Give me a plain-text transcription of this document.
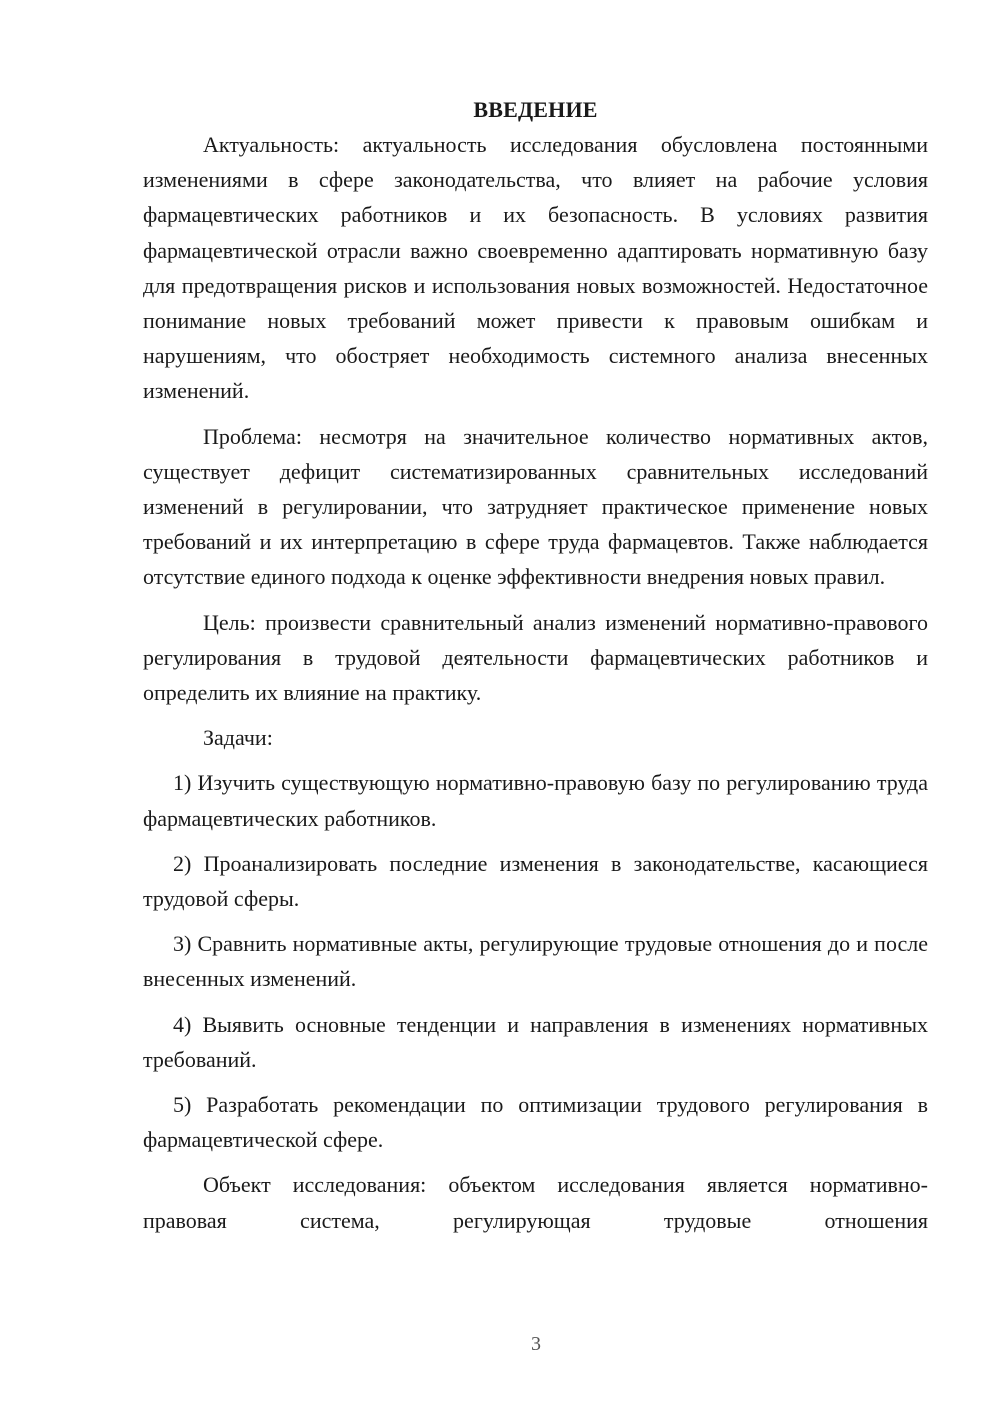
ВВЕДЕНИЕ

Актуальность: актуальность исследования обусловлена постоянными изменениями в сфере законодательства, что влияет на рабочие условия фармацевтических работников и их безопасность. В условиях развития фармацевтической отрасли важно своевременно адаптировать нормативную базу для предотвращения рисков и использования новых возможностей. Недостаточное понимание новых требований может привести к правовым ошибкам и нарушениям, что обостряет необходимость системного анализа внесенных изменений.

Проблема: несмотря на значительное количество нормативных актов, существует дефицит систематизированных сравнительных исследований изменений в регулировании, что затрудняет практическое применение новых требований и их интерпретацию в сфере труда фармацевтов. Также наблюдается отсутствие единого подхода к оценке эффективности внедрения новых правил.

Цель: произвести сравнительный анализ изменений нормативно-правового регулирования в трудовой деятельности фармацевтических работников и определить их влияние на практику.

Задачи:

1) Изучить существующую нормативно-правовую базу по регулированию труда фармацевтических работников.

2) Проанализировать последние изменения в законодательстве, касающиеся трудовой сферы.

3) Сравнить нормативные акты, регулирующие трудовые отношения до и после внесенных изменений.

4) Выявить основные тенденции и направления в изменениях нормативных требований.

5) Разработать рекомендации по оптимизации трудового регулирования в фармацевтической сфере.

Объект исследования: объектом исследования является нормативно-правовая система, регулирующая трудовые отношения

3
